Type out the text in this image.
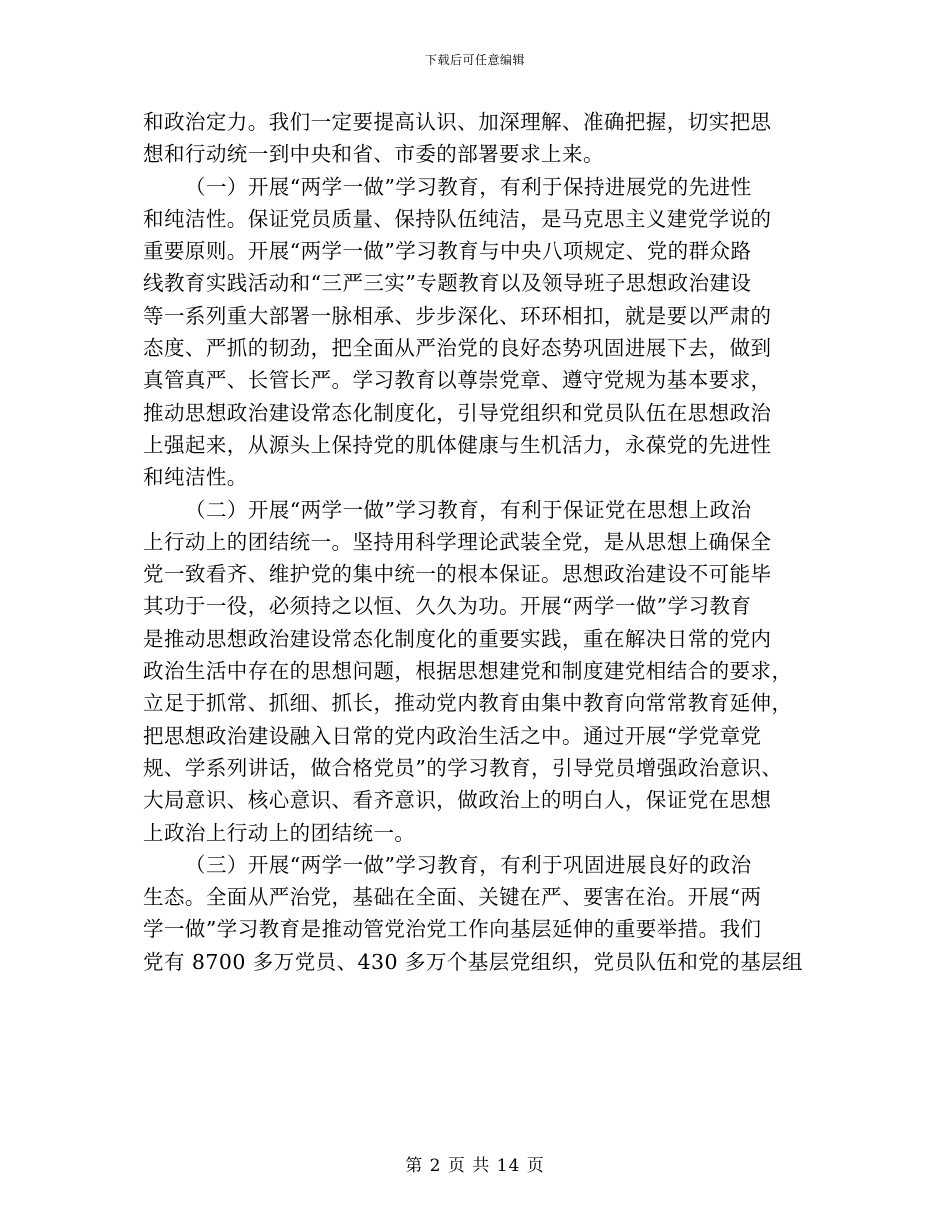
下载后可任意编辑
和政治定力。我们一定要提高认识、加深理解、准确把握，切实把思
想和行动统一到中央和省、市委的部署要求上来。
（一）开展“两学一做”学习教育，有利于保持进展党的先进性
和纯洁性。保证党员质量、保持队伍纯洁，是马克思主义建党学说的
重要原则。开展“两学一做”学习教育与中央八项规定、党的群众路
线教育实践活动和“三严三实”专题教育以及领导班子思想政治建设
等一系列重大部署一脉相承、步步深化、环环相扣，就是要以严肃的
态度、严抓的韧劲，把全面从严治党的良好态势巩固进展下去，做到
真管真严、长管长严。学习教育以尊崇党章、遵守党规为基本要求，
推动思想政治建设常态化制度化，引导党组织和党员队伍在思想政治
上强起来，从源头上保持党的肌体健康与生机活力，永葆党的先进性
和纯洁性。
（二）开展“两学一做”学习教育，有利于保证党在思想上政治
上行动上的团结统一。坚持用科学理论武装全党，是从思想上确保全
党一致看齐、维护党的集中统一的根本保证。思想政治建设不可能毕
其功于一役，必须持之以恒、久久为功。开展“两学一做”学习教育
是推动思想政治建设常态化制度化的重要实践，重在解决日常的党内
政治生活中存在的思想问题，根据思想建党和制度建党相结合的要求，
立足于抓常、抓细、抓长，推动党内教育由集中教育向常常教育延伸，
把思想政治建设融入日常的党内政治生活之中。通过开展“学党章党
规、学系列讲话，做合格党员”的学习教育，引导党员增强政治意识、
大局意识、核心意识、看齐意识，做政治上的明白人，保证党在思想
上政治上行动上的团结统一。
（三）开展“两学一做”学习教育，有利于巩固进展良好的政治
生态。全面从严治党，基础在全面、关键在严、要害在治。开展“两
学一做”学习教育是推动管党治党工作向基层延伸的重要举措。我们
党有 8700 多万党员、430 多万个基层党组织，党员队伍和党的基层组
第 2 页 共 14 页
